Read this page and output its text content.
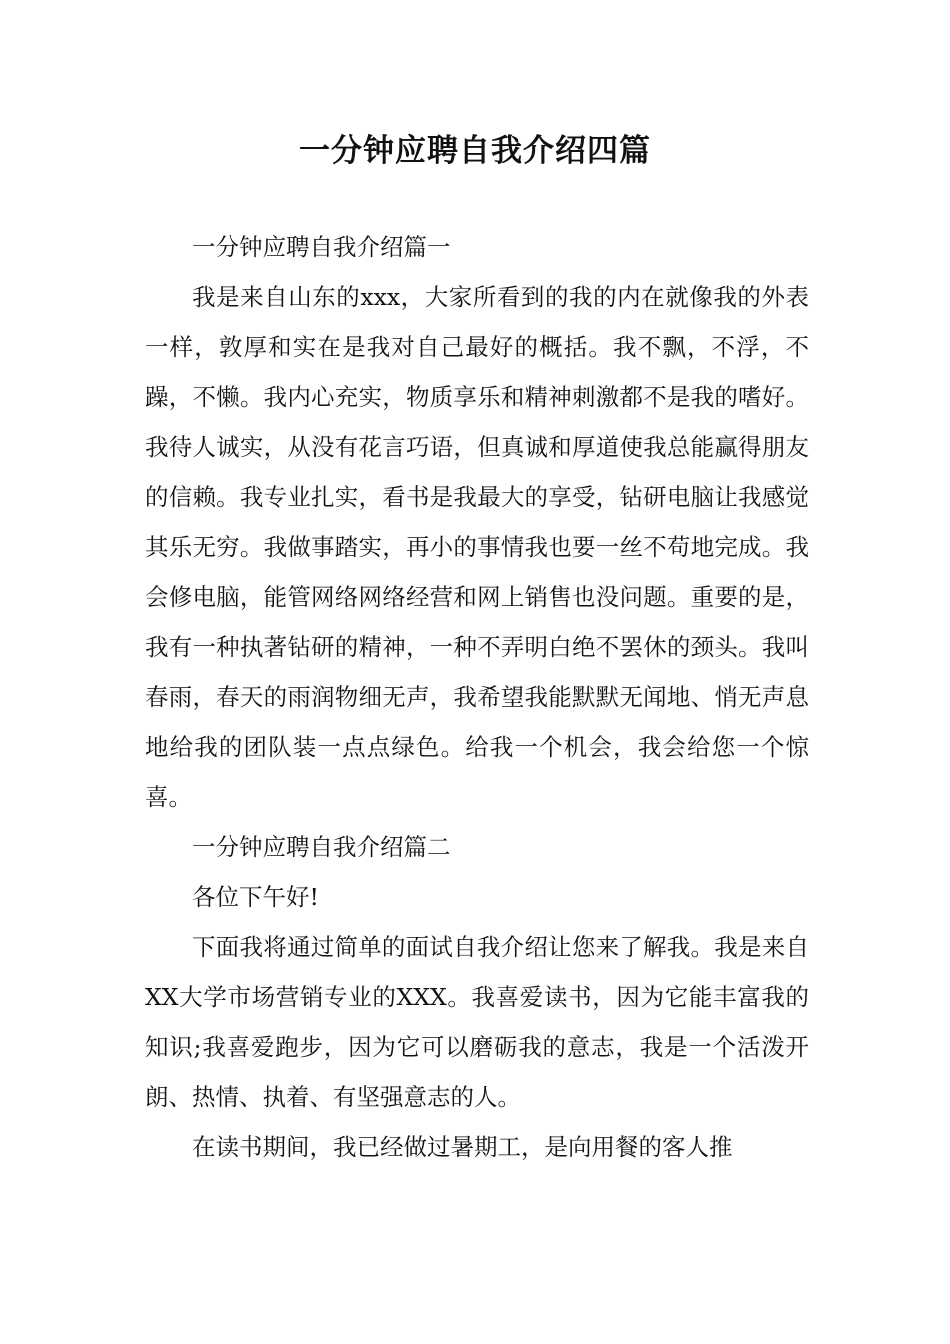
一分钟应聘自我介绍四篇

一分钟应聘自我介绍篇一

我是来自山东的xxx，大家所看到的我的内在就像我的外表一样，敦厚和实在是我对自己最好的概括。我不飘，不浮，不躁，不懒。我内心充实，物质享乐和精神刺激都不是我的嗜好。我待人诚实，从没有花言巧语，但真诚和厚道使我总能赢得朋友的信赖。我专业扎实，看书是我最大的享受，钻研电脑让我感觉其乐无穷。我做事踏实，再小的事情我也要一丝不苟地完成。我会修电脑，能管网络网络经营和网上销售也没问题。重要的是，我有一种执著钻研的精神，一种不弄明白绝不罢休的颈头。我叫春雨，春天的雨润物细无声，我希望我能默默无闻地、悄无声息地给我的团队装一点点绿色。给我一个机会，我会给您一个惊喜。

一分钟应聘自我介绍篇二

各位下午好!

下面我将通过简单的面试自我介绍让您来了解我。我是来自XX大学市场营销专业的XXX。我喜爱读书，因为它能丰富我的知识;我喜爱跑步，因为它可以磨砺我的意志，我是一个活泼开朗、热情、执着、有坚强意志的人。

在读书期间，我已经做过暑期工，是向用餐的客人推
